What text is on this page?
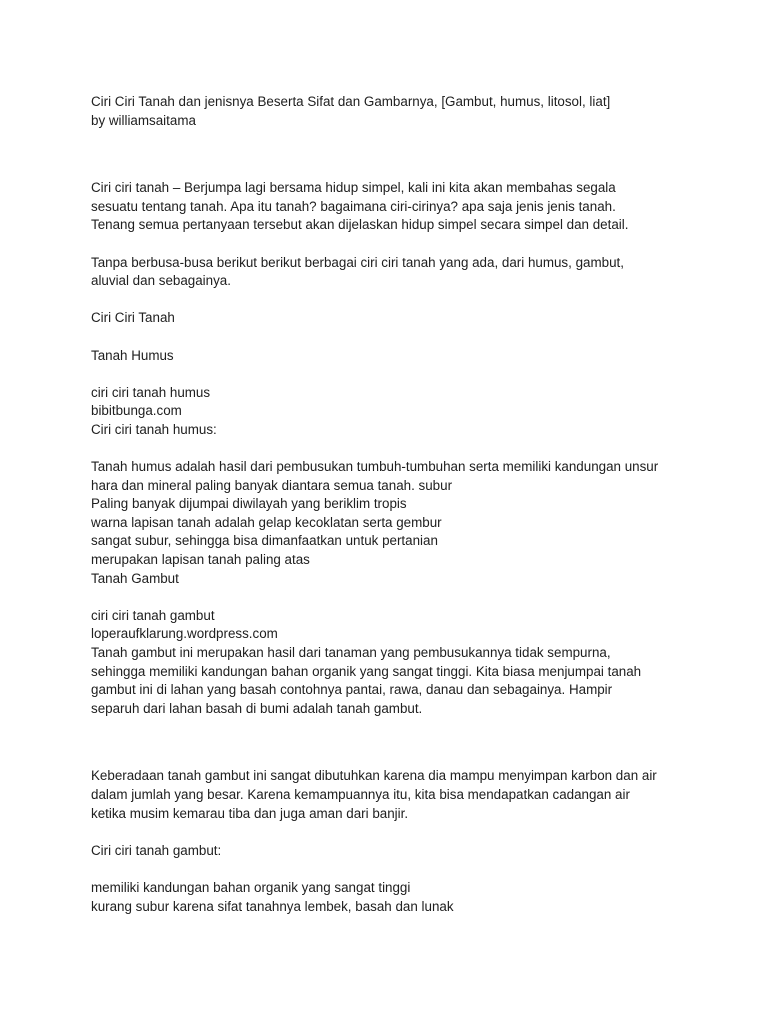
Ciri Ciri Tanah dan jenisnya Beserta Sifat dan Gambarnya, [Gambut, humus, litosol, liat]
by williamsaitama
Ciri ciri tanah – Berjumpa lagi bersama hidup simpel, kali ini kita akan membahas segala
sesuatu tentang tanah. Apa itu tanah? bagaimana ciri-cirinya? apa saja jenis jenis tanah.
Tenang semua pertanyaan tersebut akan dijelaskan hidup simpel secara simpel dan detail.
Tanpa berbusa-busa berikut berikut berbagai ciri ciri tanah yang ada, dari humus, gambut,
aluvial dan sebagainya.
Ciri Ciri Tanah
Tanah Humus
ciri ciri tanah humus
bibitbunga.com
Ciri ciri tanah humus:
Tanah humus adalah hasil dari pembusukan tumbuh-tumbuhan serta memiliki kandungan unsur
hara dan mineral paling banyak diantara semua tanah. subur
Paling banyak dijumpai diwilayah yang beriklim tropis
warna lapisan tanah adalah gelap kecoklatan serta gembur
sangat subur, sehingga bisa dimanfaatkan untuk pertanian
merupakan lapisan tanah paling atas
Tanah Gambut
ciri ciri tanah gambut
loperaufklarung.wordpress.com
Tanah gambut ini merupakan hasil dari tanaman yang pembusukannya tidak sempurna,
sehingga memiliki kandungan bahan organik yang sangat tinggi. Kita biasa menjumpai tanah
gambut ini di lahan yang basah contohnya pantai, rawa, danau dan sebagainya. Hampir
separuh dari lahan basah di bumi adalah tanah gambut.
Keberadaan tanah gambut ini sangat dibutuhkan karena dia mampu menyimpan karbon dan air
dalam jumlah yang besar. Karena kemampuannya itu, kita bisa mendapatkan cadangan air
ketika musim kemarau tiba dan juga aman dari banjir.
Ciri ciri tanah gambut:
memiliki kandungan bahan organik yang sangat tinggi
kurang subur karena sifat tanahnya lembek, basah dan lunak
